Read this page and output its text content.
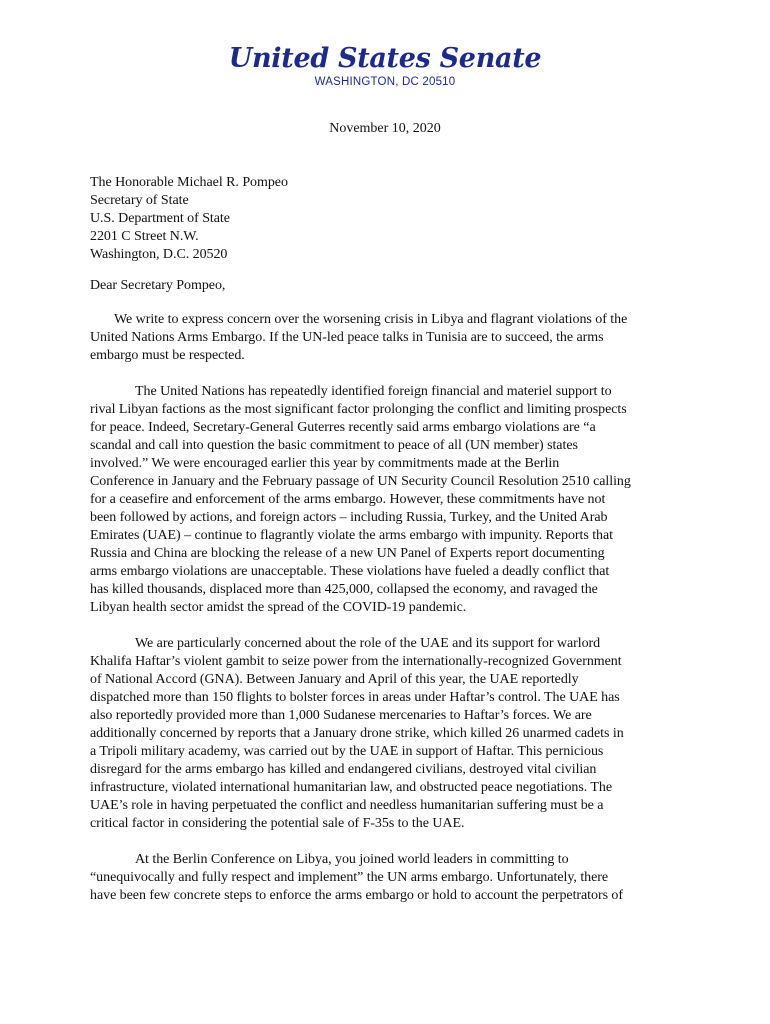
United States Senate
WASHINGTON, DC 20510
November 10, 2020
The Honorable Michael R. Pompeo
Secretary of State
U.S. Department of State
2201 C Street N.W.
Washington, D.C. 20520
Dear Secretary Pompeo,
We write to express concern over the worsening crisis in Libya and flagrant violations of the
United Nations Arms Embargo. If the UN-led peace talks in Tunisia are to succeed, the arms
embargo must be respected.
The United Nations has repeatedly identified foreign financial and materiel support to
rival Libyan factions as the most significant factor prolonging the conflict and limiting prospects
for peace. Indeed, Secretary-General Guterres recently said arms embargo violations are “a
scandal and call into question the basic commitment to peace of all (UN member) states
involved.” We were encouraged earlier this year by commitments made at the Berlin
Conference in January and the February passage of UN Security Council Resolution 2510 calling
for a ceasefire and enforcement of the arms embargo. However, these commitments have not
been followed by actions, and foreign actors – including Russia, Turkey, and the United Arab
Emirates (UAE) – continue to flagrantly violate the arms embargo with impunity. Reports that
Russia and China are blocking the release of a new UN Panel of Experts report documenting
arms embargo violations are unacceptable. These violations have fueled a deadly conflict that
has killed thousands, displaced more than 425,000, collapsed the economy, and ravaged the
Libyan health sector amidst the spread of the COVID-19 pandemic.
We are particularly concerned about the role of the UAE and its support for warlord
Khalifa Haftar’s violent gambit to seize power from the internationally-recognized Government
of National Accord (GNA). Between January and April of this year, the UAE reportedly
dispatched more than 150 flights to bolster forces in areas under Haftar’s control. The UAE has
also reportedly provided more than 1,000 Sudanese mercenaries to Haftar’s forces. We are
additionally concerned by reports that a January drone strike, which killed 26 unarmed cadets in
a Tripoli military academy, was carried out by the UAE in support of Haftar. This pernicious
disregard for the arms embargo has killed and endangered civilians, destroyed vital civilian
infrastructure, violated international humanitarian law, and obstructed peace negotiations. The
UAE’s role in having perpetuated the conflict and needless humanitarian suffering must be a
critical factor in considering the potential sale of F-35s to the UAE.
At the Berlin Conference on Libya, you joined world leaders in committing to
“unequivocally and fully respect and implement” the UN arms embargo. Unfortunately, there
have been few concrete steps to enforce the arms embargo or hold to account the perpetrators of
